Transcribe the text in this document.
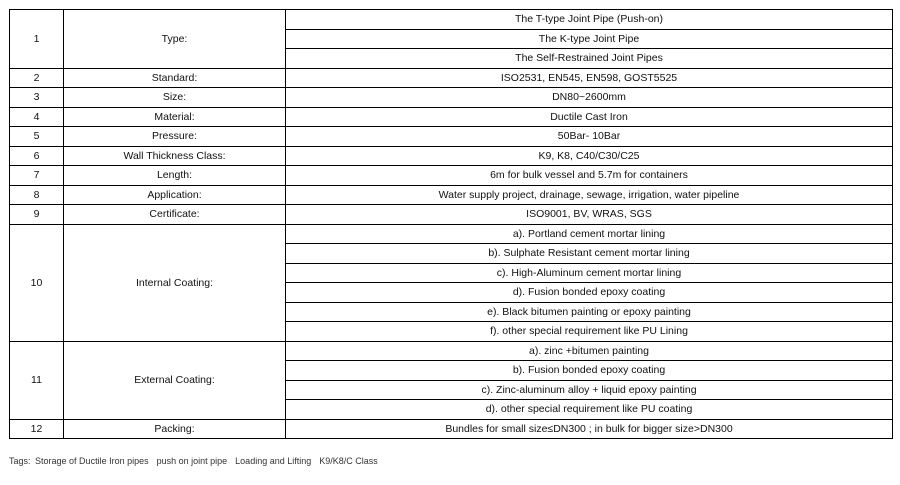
1	Type:	The T-type Joint Pipe (Push-on)
		The K-type Joint Pipe
		The Self-Restrained Joint Pipes
2	Standard:	ISO2531, EN545, EN598, GOST5525
3	Size:	DN80~2600mm
4	Material:	Ductile Cast Iron
5	Pressure:	50Bar- 10Bar
6	Wall Thickness Class:	K9, K8, C40/C30/C25
7	Length:	6m for bulk vessel and 5.7m for containers
8	Application:	Water supply project, drainage, sewage, irrigation, water pipeline
9	Certificate:	ISO9001, BV, WRAS, SGS
10	Internal Coating:	a). Portland cement mortar lining
		b). Sulphate Resistant cement mortar lining
		c). High-Aluminum cement mortar lining
		d). Fusion bonded epoxy coating
		e). Black bitumen painting or epoxy painting
		f). other special requirement like PU Lining
11	External Coating:	a). zinc +bitumen painting
		b). Fusion bonded epoxy coating
		c). Zinc-aluminum alloy + liquid epoxy painting
		d). other special requirement like PU coating
12	Packing:	Bundles for small size≤DN300 ; in bulk for bigger size>DN300
Tags: Storage of Ductile Iron pipes push on joint pipe Loading and Lifting K9/K8/C Class
